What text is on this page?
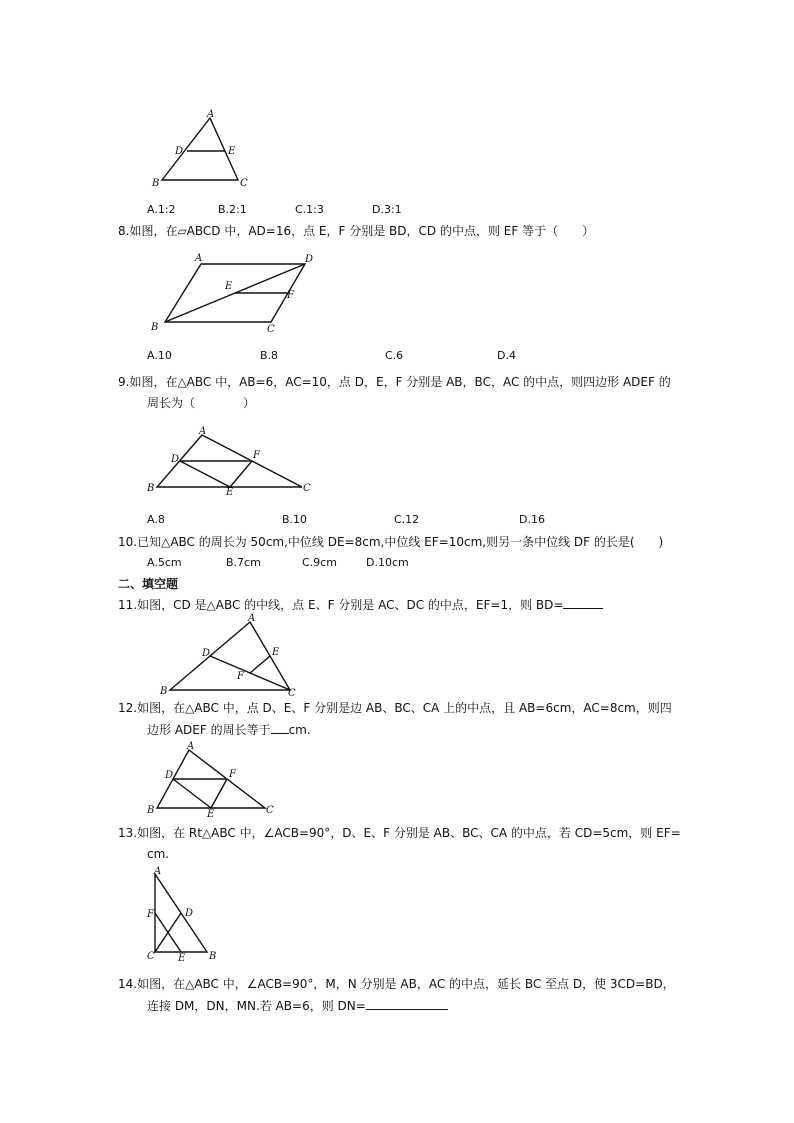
A
D	E
B	C
A.1:2	B.2:1	C.1:3	D.3:1
8.如图，在▱ABCD 中，AD=16，点 E，F 分别是 BD，CD 的中点，则 EF 等于（　　）
A	D
E
F
B	C
A.10	B.8	C.6	D.4
9.如图，在△ABC 中，AB=6，AC=10，点 D，E，F 分别是 AB，BC，AC 的中点，则四边形 ADEF 的
周长为（　　　　）
A
D	F
B	E	C
A.8	B.10	C.12	D.16
10.已知△ABC 的周长为 50cm,中位线 DE=8cm,中位线 EF=10cm,则另一条中位线 DF 的长是(　　)
A.5cm	B.7cm	C.9cm	D.10cm
二、填空题
11.如图，CD 是△ABC 的中线，点 E、F 分别是 AC、DC 的中点，EF=1，则 BD=
A
D	E
F
B	C
12.如图，在△ABC 中，点 D、E、F 分别是边 AB、BC、CA 上的中点，且 AB=6cm，AC=8cm，则四
边形 ADEF 的周长等于 cm.
A
D	F
B	E	C
13.如图，在 Rt△ABC 中，∠ACB=90°，D、E、F 分别是 AB、BC、CA 的中点，若 CD=5cm，则 EF=
cm.
A
F	D
C E B
14.如图，在△ABC 中，∠ACB=90°，M，N 分别是 AB，AC 的中点，延长 BC 至点 D，使 3CD=BD，
连接 DM，DN，MN.若 AB=6，则 DN=
